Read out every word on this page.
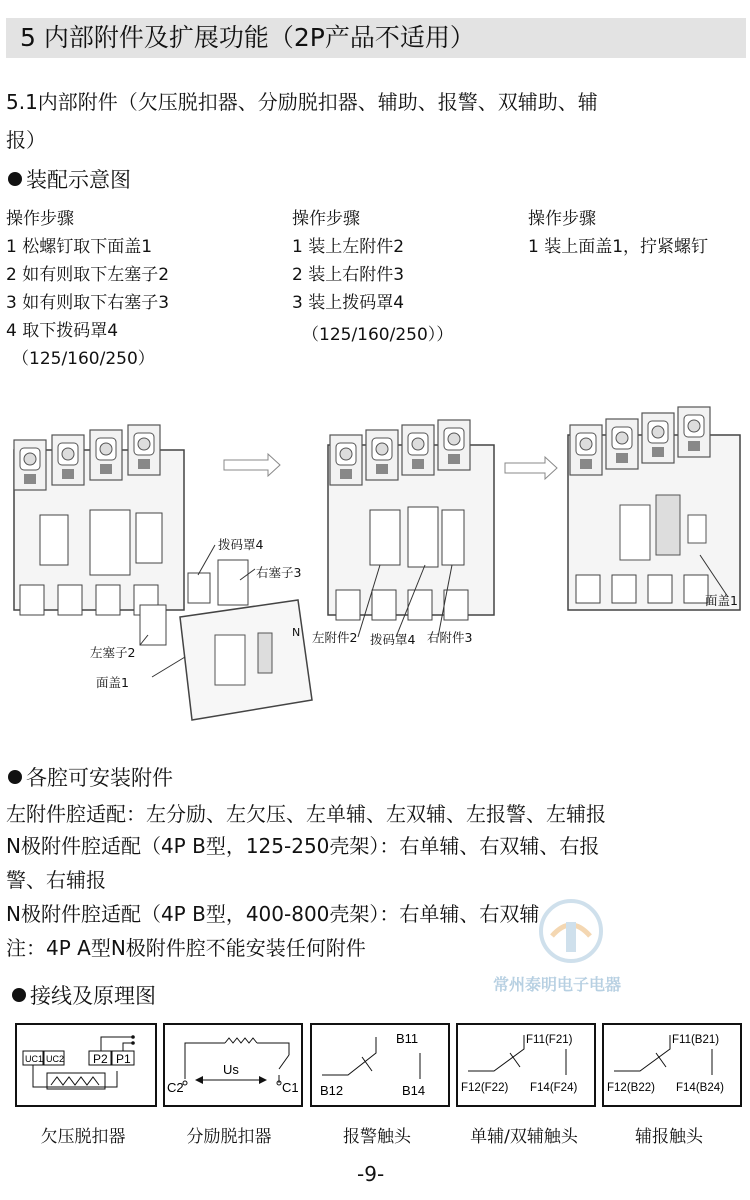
5 内部附件及扩展功能（2P产品不适用）
5.1内部附件（欠压脱扣器、分励脱扣器、辅助、报警、双辅助、辅
报）
装配示意图
操作步骤
1 松螺钉取下面盖1
2 如有则取下左塞子2
3 如有则取下右塞子3
4 取下拨码罩4
（125/160/250）
操作步骤
1 装上左附件2
2 装上右附件3
3 装上拨码罩4
（125/160/250））
操作步骤
1 装上面盖1，拧紧螺钉
拨码罩4
右塞子3
左塞子2
面盖1
N 左附件2 拨码罩4 右附件3
面盖1
各腔可安装附件
左附件腔适配：左分励、左欠压、左单辅、左双辅、左报警、左辅报
N极附件腔适配（4P B型，125-250壳架）：右单辅、右双辅、右报
警、右辅报
N极附件腔适配（4P B型，400-800壳架）：右单辅、右双辅
注：4P A型N极附件腔不能安装任何附件
常州泰明电子电器
接线及原理图
UC1 UC2 P2 P1
Us
C2	C1
B11
B12	B14
F11(F21)
F12(F22) F14(F24)
F11(B21)
F12(B22) F14(B24)
欠压脱扣器	分励脱扣器	报警触头	单辅/双辅触头	辅报触头
-9-
